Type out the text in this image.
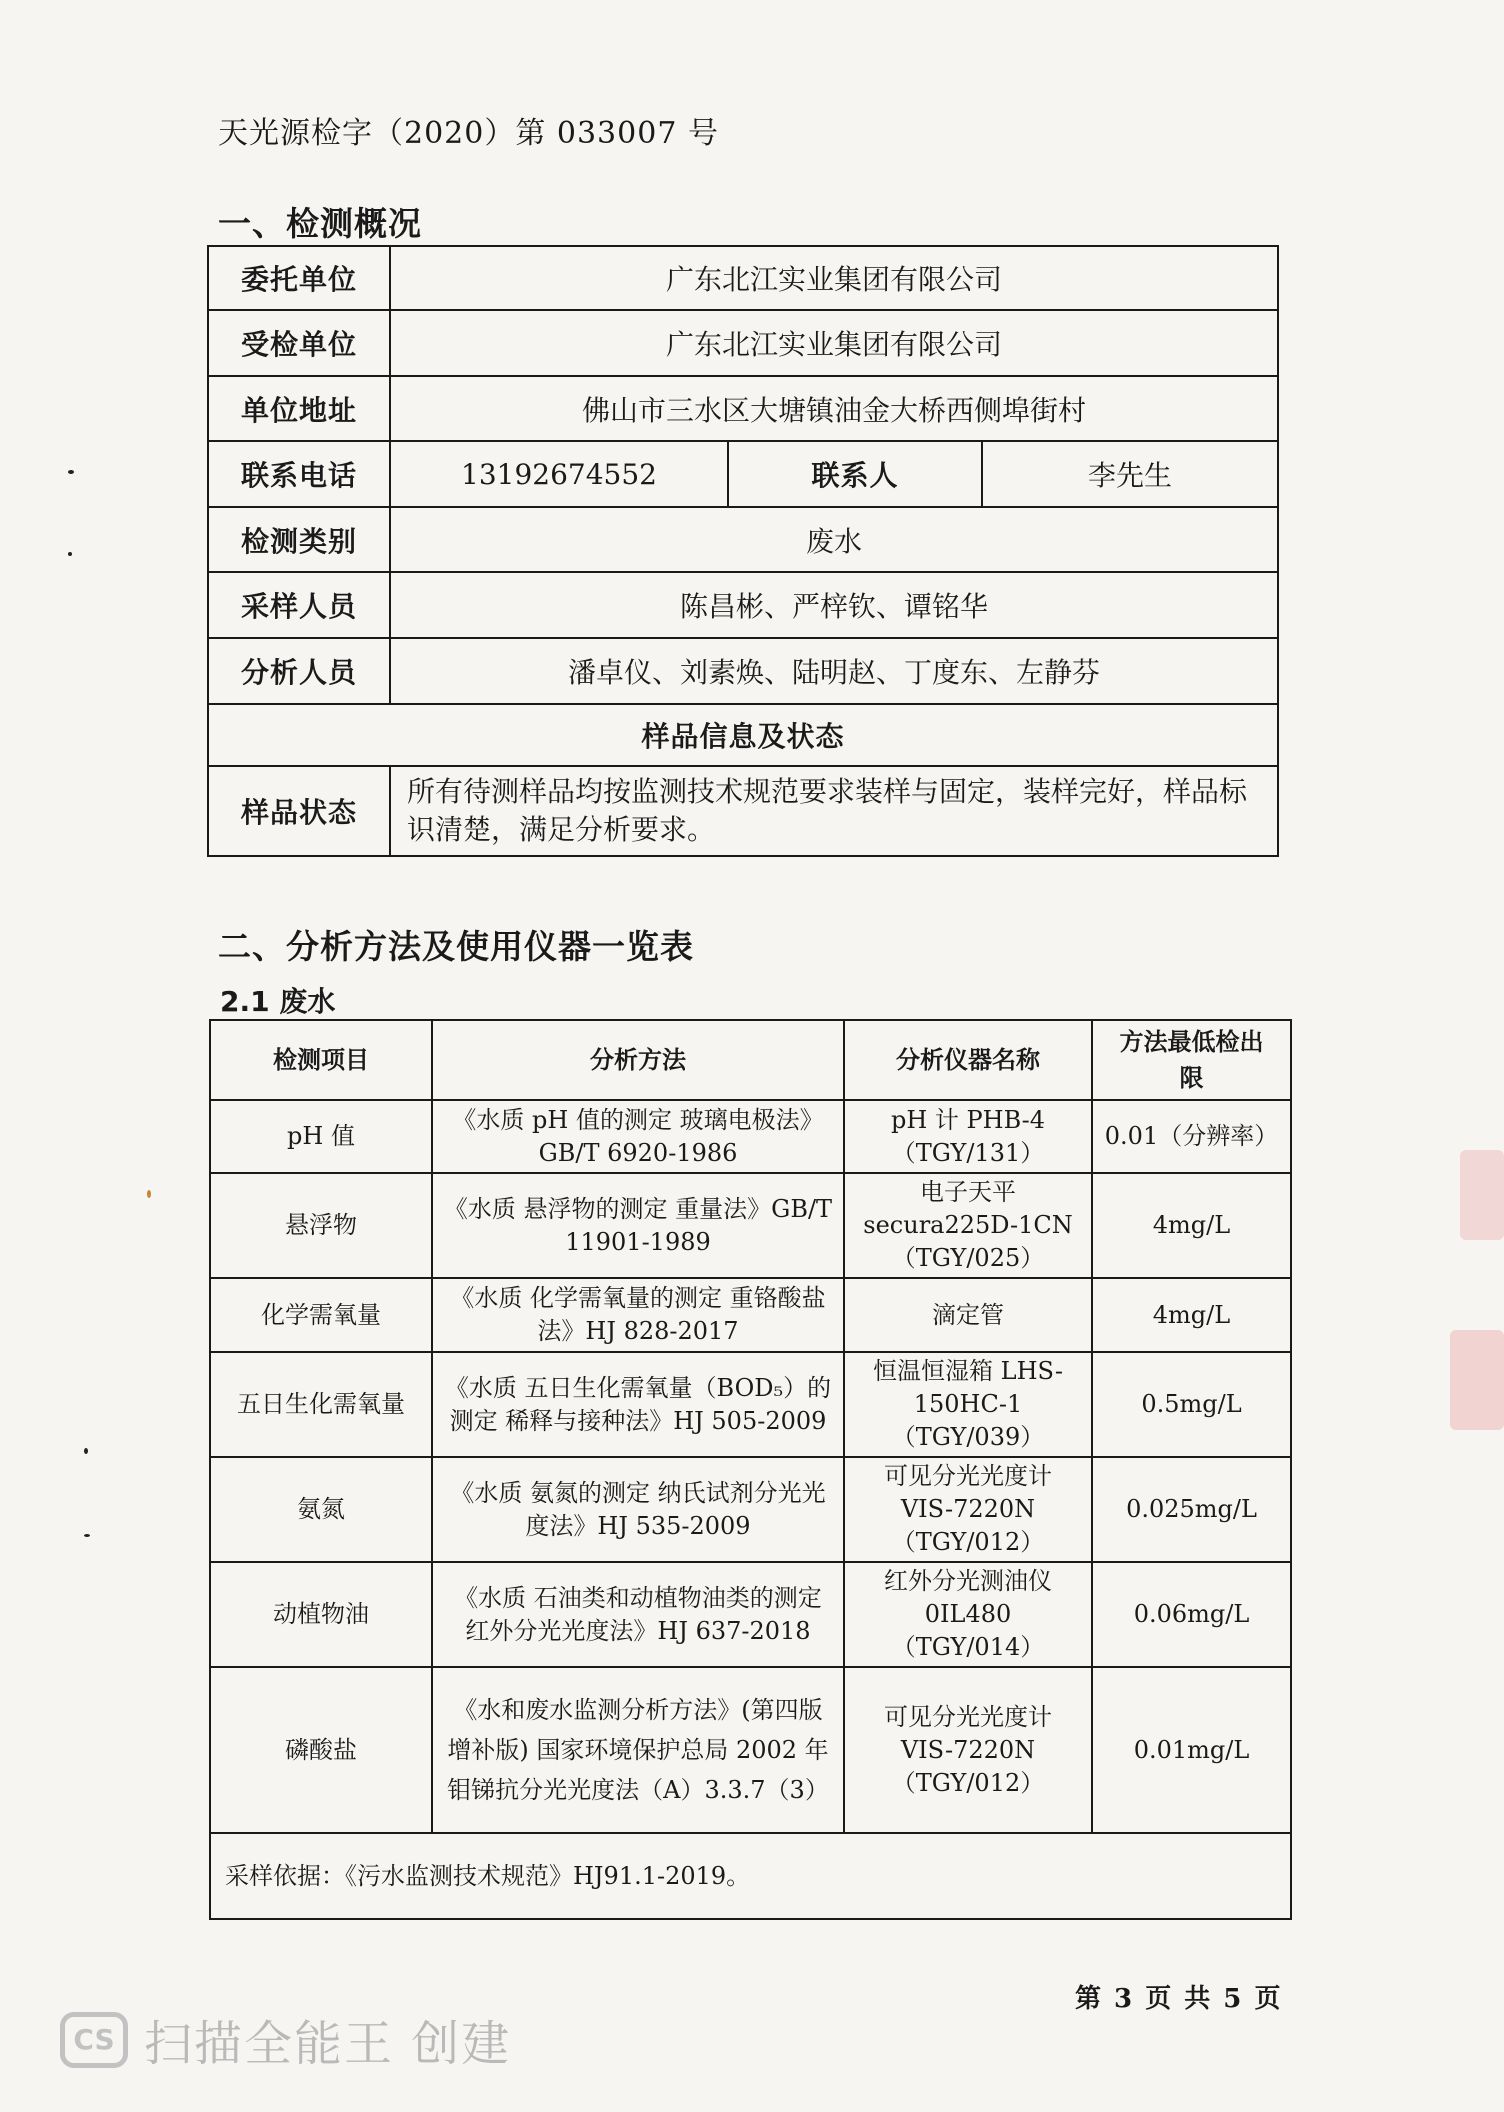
天光源检字（2020）第 033007 号
一、检测概况
委托单位	广东北江实业集团有限公司		
受检单位	广东北江实业集团有限公司		
单位地址	佛山市三水区大塘镇油金大桥西侧埠街村		
联系电话	13192674552	联系人	李先生
检测类别	废水		
采样人员	陈昌彬、严梓钦、谭铭华		
分析人员	潘卓仪、刘素焕、陆明赵、丁度东、左静芬		
样品信息及状态			
样品状态	所有待测样品均按监测技术规范要求装样与固定，装样完好，样品标识清楚，满足分析要求。		
二、分析方法及使用仪器一览表
2.1 废水
检测项目	分析方法	分析仪器名称	方法最低检出限
pH 值	《水质 pH 值的测定 玻璃电极法》GB/T 6920-1986	pH 计 PHB-4（TGY/131）	0.01（分辨率）
悬浮物	《水质 悬浮物的测定 重量法》GB/T 11901-1989	电子天平 secura225D-1CN（TGY/025）	4mg/L
化学需氧量	《水质 化学需氧量的测定 重铬酸盐法》HJ 828-2017	滴定管	4mg/L
五日生化需氧量	《水质 五日生化需氧量（BOD₅）的测定 稀释与接种法》HJ 505-2009	恒温恒湿箱 LHS-150HC-1（TGY/039）	0.5mg/L
氨氮	《水质 氨氮的测定 纳氏试剂分光光度法》HJ 535-2009	可见分光光度计 VIS-7220N（TGY/012）	0.025mg/L
动植物油	《水质 石油类和动植物油类的测定 红外分光光度法》HJ 637-2018	红外分光测油仪 0IL480（TGY/014）	0.06mg/L
磷酸盐	《水和废水监测分析方法》(第四版增补版) 国家环境保护总局 2002 年 钼锑抗分光光度法（A）3.3.7（3）	可见分光光度计 VIS-7220N（TGY/012）	0.01mg/L
采样依据：《污水监测技术规范》HJ91.1-2019。			
第 3 页 共 5 页
CS 扫描全能王 创建
